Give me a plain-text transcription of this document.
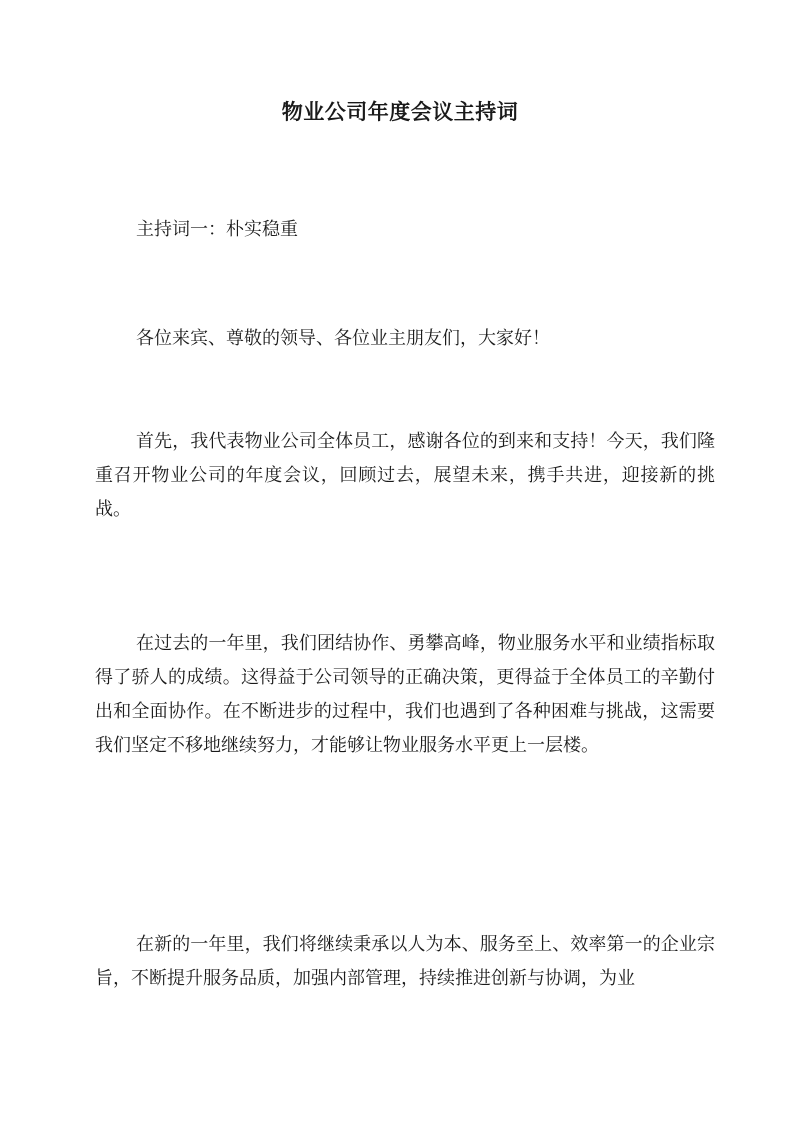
物业公司年度会议主持词
主持词一：朴实稳重

各位来宾、尊敬的领导、各位业主朋友们，大家好！

首先，我代表物业公司全体员工，感谢各位的到来和支持！今天，我们隆重召开物业公司的年度会议，回顾过去，展望未来，携手共进，迎接新的挑战。

在过去的一年里，我们团结协作、勇攀高峰，物业服务水平和业绩指标取得了骄人的成绩。这得益于公司领导的正确决策，更得益于全体员工的辛勤付出和全面协作。在不断进步的过程中，我们也遇到了各种困难与挑战，这需要我们坚定不移地继续努力，才能够让物业服务水平更上一层楼。

在新的一年里，我们将继续秉承以人为本、服务至上、效率第一的企业宗旨，不断提升服务品质，加强内部管理，持续推进创新与协调，为业
